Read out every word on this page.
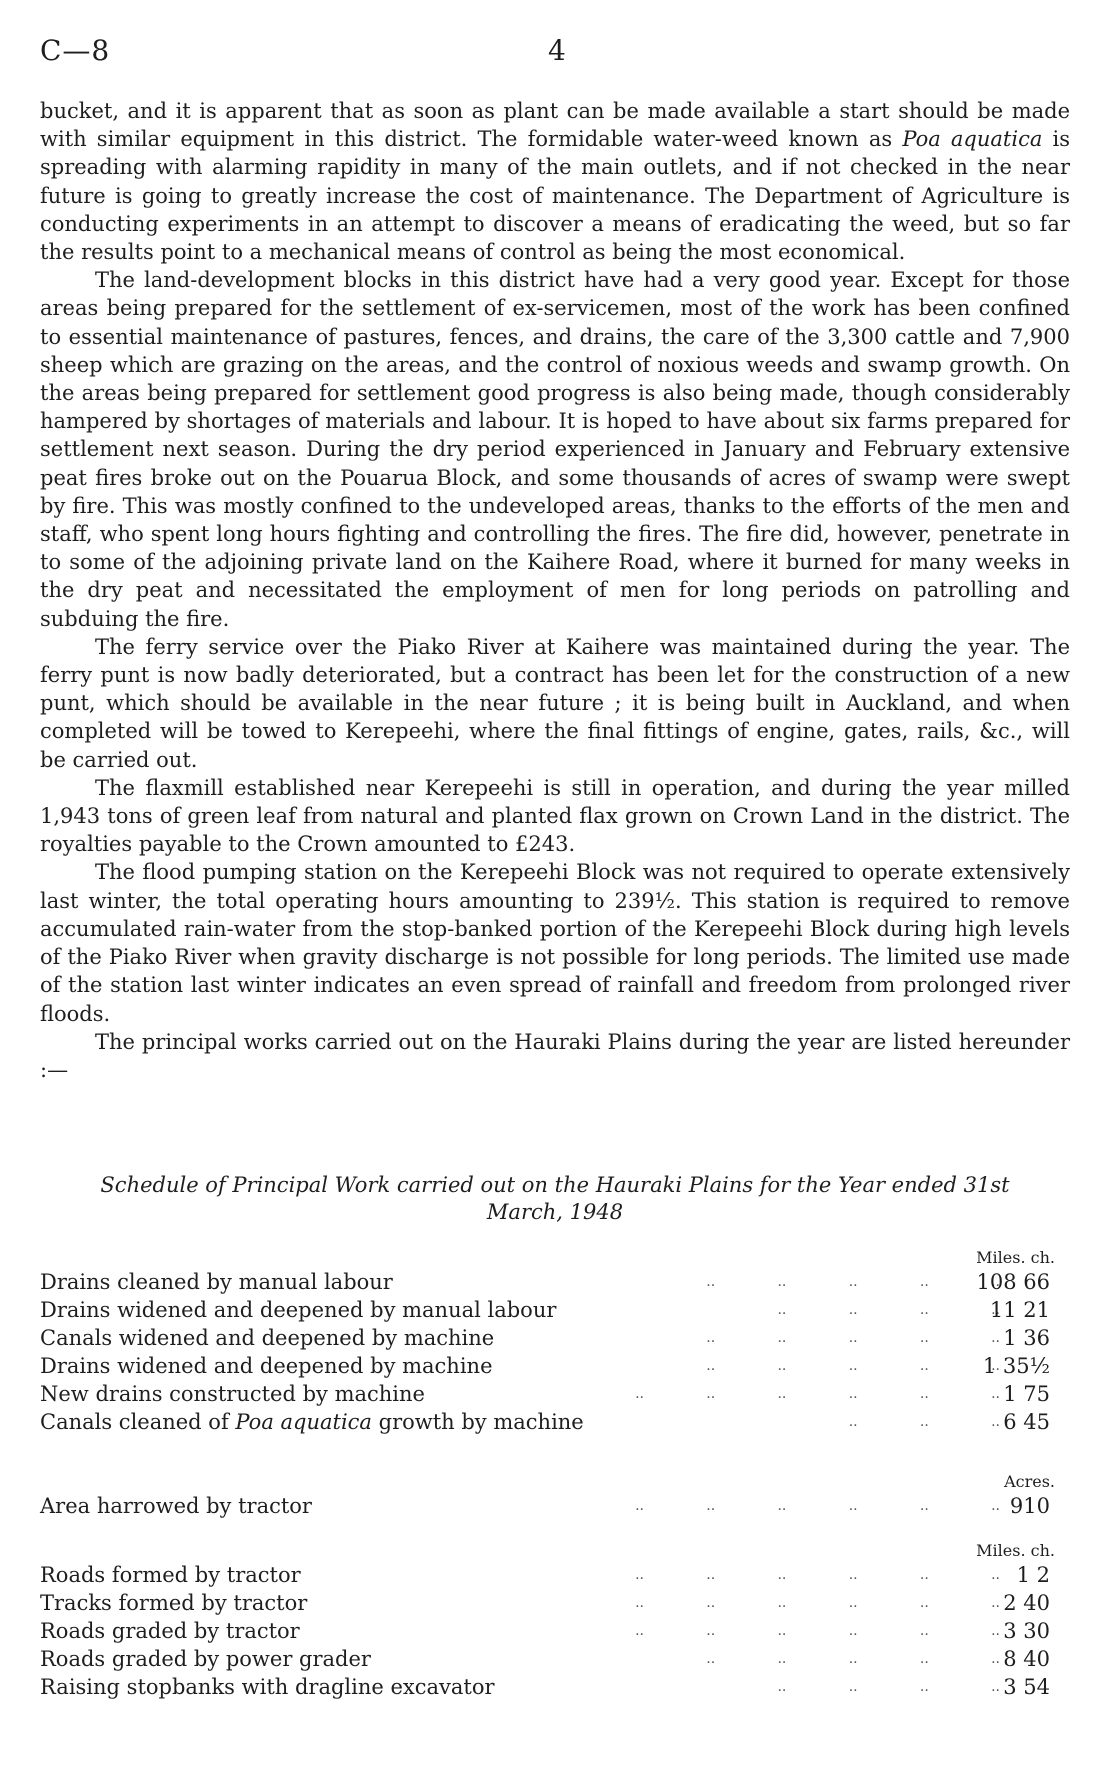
C—8	4

bucket, and it is apparent that as soon as plant can be made available a start should be made with similar equipment in this district. The formidable water-weed known as Poa aquatica is spreading with alarming rapidity in many of the main outlets, and if not checked in the near future is going to greatly increase the cost of maintenance. The Department of Agriculture is conducting experiments in an attempt to discover a means of eradicating the weed, but so far the results point to a mechanical means of control as being the most economical.

The land-development blocks in this district have had a very good year. Except for those areas being prepared for the settlement of ex-servicemen, most of the work has been confined to essential maintenance of pastures, fences, and drains, the care of the 3,300 cattle and 7,900 sheep which are grazing on the areas, and the control of noxious weeds and swamp growth. On the areas being prepared for settlement good progress is also being made, though considerably hampered by shortages of materials and labour. It is hoped to have about six farms prepared for settlement next season. During the dry period experienced in January and February extensive peat fires broke out on the Pouarua Block, and some thousands of acres of swamp were swept by fire. This was mostly confined to the undeveloped areas, thanks to the efforts of the men and staff, who spent long hours fighting and controlling the fires. The fire did, however, penetrate in to some of the adjoining private land on the Kaihere Road, where it burned for many weeks in the dry peat and necessitated the employment of men for long periods on patrolling and subduing the fire.

The ferry service over the Piako River at Kaihere was maintained during the year. The ferry punt is now badly deteriorated, but a contract has been let for the construction of a new punt, which should be available in the near future ; it is being built in Auckland, and when completed will be towed to Kerepeehi, where the final fittings of engine, gates, rails, &c., will be carried out.

The flaxmill established near Kerepeehi is still in operation, and during the year milled 1,943 tons of green leaf from natural and planted flax grown on Crown Land in the district. The royalties payable to the Crown amounted to £243.

The flood pumping station on the Kerepeehi Block was not required to operate extensively last winter, the total operating hours amounting to 239½. This station is required to remove accumulated rain-water from the stop-banked portion of the Kerepeehi Block during high levels of the Piako River when gravity discharge is not possible for long periods. The limited use made of the station last winter indicates an even spread of rainfall and freedom from prolonged river floods.

The principal works carried out on the Hauraki Plains during the year are listed hereunder :—

Schedule of Principal Work carried out on the Hauraki Plains for the Year ended 31st
March, 1948
Miles. ch.
..              ..              ..              ..              ..
Drains cleaned by manual labour	108 66
..              ..              ..              ..
Drains widened and deepened by manual labour	11 21
..              ..              ..              ..              ..
Canals widened and deepened by machine	1 36
..              ..              ..              ..              ..
Drains widened and deepened by machine	1 35½
..              ..              ..              ..              ..              ..
New drains constructed by machine	1 75
..              ..              ..
Canals cleaned of Poa aquatica growth by machine	6 45
Acres.
..              ..              ..              ..              ..              ..
Area harrowed by tractor	910
Miles. ch.
..              ..              ..              ..              ..              ..
Roads formed by tractor	1 2
..              ..              ..              ..              ..              ..
Tracks formed by tractor	2 40
..              ..              ..              ..              ..              ..
Roads graded by tractor	3 30
..              ..              ..              ..              ..
Roads graded by power grader	8 40
..              ..              ..              ..
Raising stopbanks with dragline excavator	3 54
